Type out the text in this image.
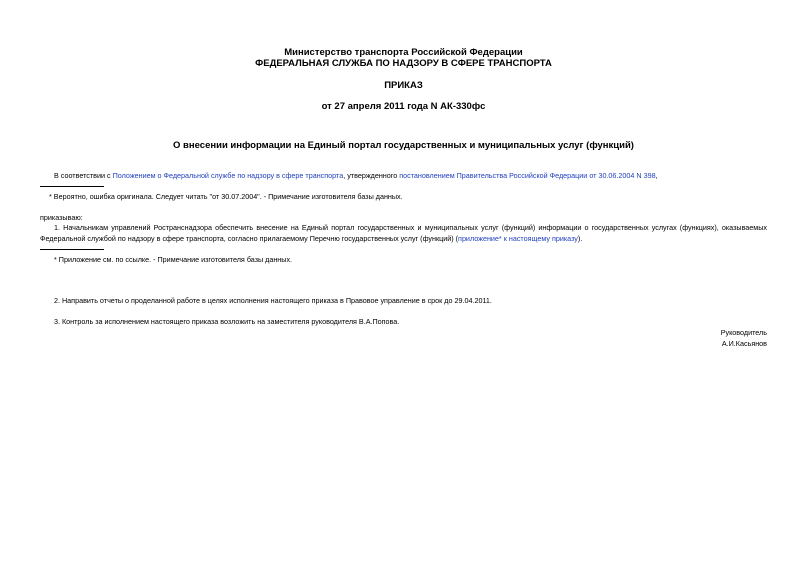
Министерство транспорта Российской Федерации
ФЕДЕРАЛЬНАЯ СЛУЖБА ПО НАДЗОРУ В СФЕРЕ ТРАНСПОРТА
ПРИКАЗ
от 27 апреля 2011 года N АК-330фс
О внесении информации на Единый портал государственных и муниципальных услуг (функций)
В соответствии с Положением о Федеральной службе по надзору в сфере транспорта, утвержденного постановлением Правительства Российской Федерации от 30.06.2004 N 398,
* Вероятно, ошибка оригинала. Следует читать "от 30.07.2004". - Примечание изготовителя базы данных.
приказываю:
1. Начальникам управлений Ространснадзора обеспечить внесение на Единый портал государственных и муниципальных услуг (функций) информации о государственных услугах (функциях), оказываемых Федеральной службой по надзору в сфере транспорта, согласно прилагаемому Перечню государственных услуг (функций) (приложение* к настоящему приказу).
* Приложение см. по ссылке. - Примечание изготовителя базы данных.
2. Направить отчеты о проделанной работе в целях исполнения настоящего приказа в Правовое управление в срок до 29.04.2011.
3. Контроль за исполнением настоящего приказа возложить на заместителя руководителя В.А.Попова.
Руководитель
А.И.Касьянов
